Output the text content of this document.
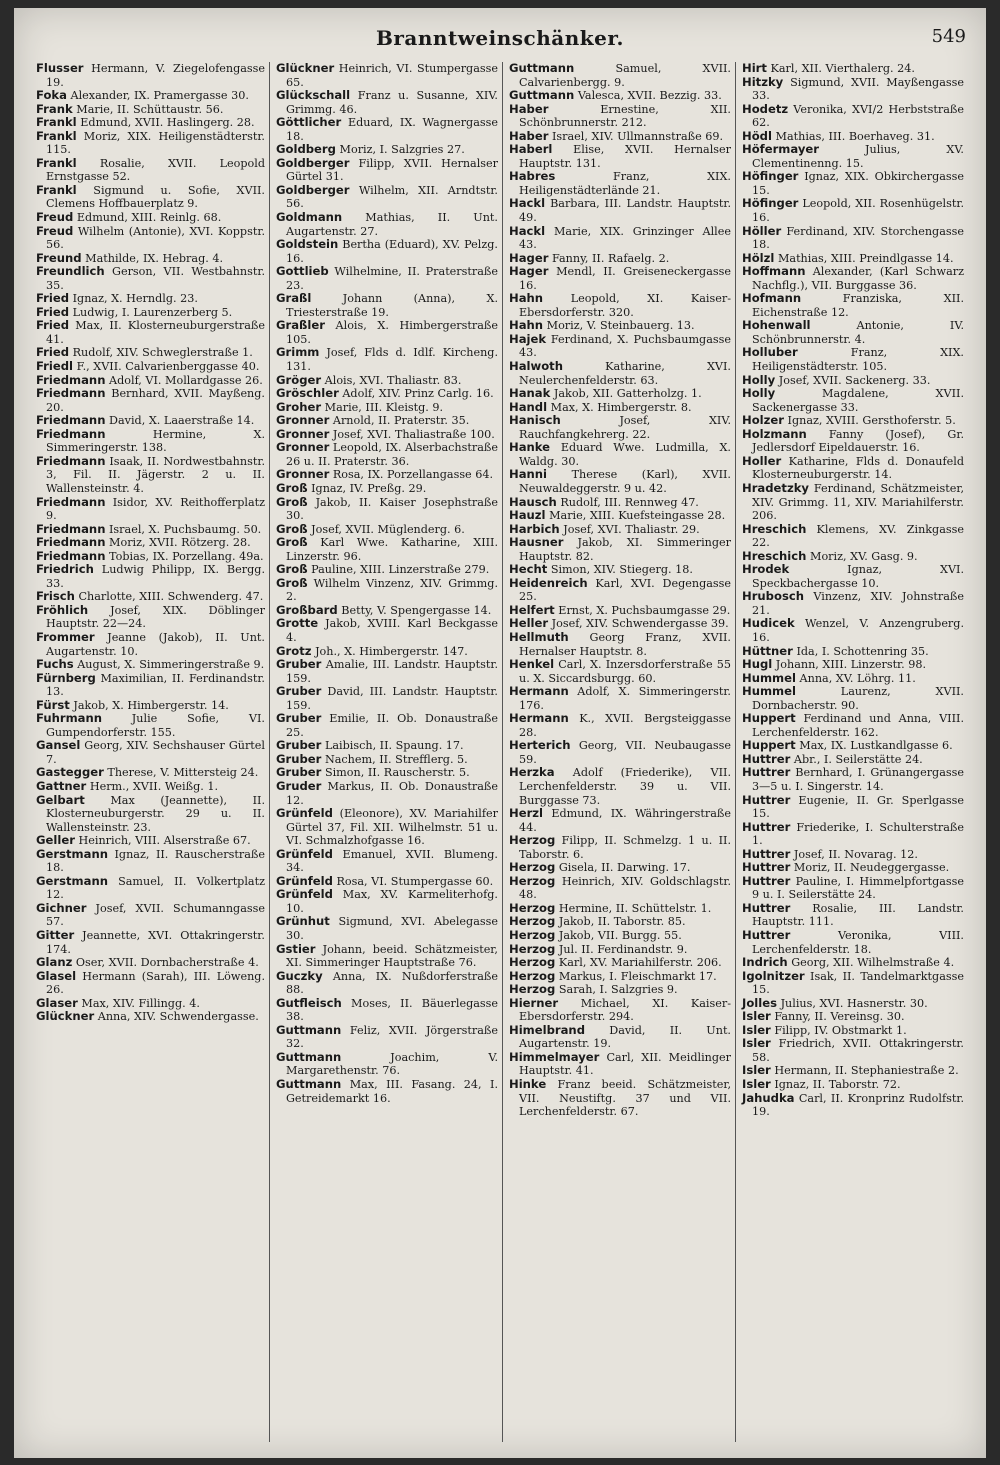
Branntweinschänker.	549
Flusser Hermann, V. Ziegelofengasse 19.
Foka Alexander, IX. Pramergasse 30.
Frank Marie, II. Schüttaustr. 56.
Frankl Edmund, XVII. Haslingerg. 28.
Frankl Moriz, XIX. Heiligenstädterstr. 115.
Frankl Rosalie, XVII. Leopold Ernstgasse 52.
Frankl Sigmund u. Sofie, XVII. Clemens Hoffbauerplatz 9.
Freud Edmund, XIII. Reinlg. 68.
Freud Wilhelm (Antonie), XVI. Koppstr. 56.
Freund Mathilde, IX. Hebrag. 4.
Freundlich Gerson, VII. Westbahnstr. 35.
Fried Ignaz, X. Herndlg. 23.
Fried Ludwig, I. Laurenzerberg 5.
Fried Max, II. Klosterneuburgerstraße 41.
Fried Rudolf, XIV. Schweglerstraße 1.
Friedl F., XVII. Calvarienberggasse 40.
Friedmann Adolf, VI. Mollardgasse 26.
Friedmann Bernhard, XVII. Mayßeng. 20.
Friedmann David, X. Laaerstraße 14.
Friedmann	Hermine, X. Simmeringerstr. 138.
Friedmann Isaak, II. Nordwestbahnstr. 3, Fil. II. Jägerstr. 2 u. II. Wallensteinstr. 4.
Friedmann Isidor, XV. Reithofferplatz 9.
Friedmann Israel, X. Puchsbaumg. 50.
Friedmann Moriz, XVII. Rötzerg. 28.
Friedmann Tobias, IX. Porzellang. 49a.
Friedrich Ludwig Philipp, IX. Bergg. 33.
Frisch Charlotte, XIII. Schwenderg. 47.
Fröhlich Josef, XIX. Döblinger Hauptstr. 22—24.
Frommer Jeanne (Jakob), II. Unt. Augartenstr. 10.
Fuchs August, X. Simmeringerstraße 9.
Fürnberg Maximilian, II. Ferdinandstr. 13.
Fürst Jakob, X. Himbergerstr. 14.
Fuhrmann	Julie Sofie, VI. Gumpendorferstr. 155.
Gansel Georg, XIV. Sechshauser Gürtel 7.
Gastegger Therese, V. Mittersteig 24.
Gattner Herm., XVII. Weißg. 1.
Gelbart Max (Jeannette), II. Klosterneuburgerstr. 29 u. II. Wallensteinstr. 23.
Geller Heinrich, VIII. Alserstraße 67.
Gerstmann Ignaz, II. Rauscherstraße 18.
Gerstmann Samuel, II. Volkertplatz 12.
Gichner Josef, XVII. Schumanngasse 57.
Gitter Jeannette, XVI. Ottakringerstr. 174.
Glanz Oser, XVII. Dornbacherstraße 4.
Glasel Hermann (Sarah), III. Löweng. 26.
Glaser Max, XIV. Fillingg. 4.
Glückner Anna, XIV. Schwendergasse.
Glückner Heinrich, VI. Stumpergasse 65.
Glückschall Franz u. Susanne, XIV. Grimmg. 46.
Göttlicher Eduard, IX. Wagnergasse 18.
Goldberg Moriz, I. Salzgries 27.
Goldberger Filipp, XVII. Hernalser Gürtel 31.
Goldberger Wilhelm, XII. Arndtstr. 56.
Goldmann Mathias, II. Unt. Augartenstr. 27.
Goldstein Bertha (Eduard), XV. Pelzg. 16.
Gottlieb Wilhelmine, II. Praterstraße 23.
Graßl	Johann (Anna), X. Triesterstraße 19.
Graßler Alois, X. Himbergerstraße 105.
Grimm Josef, Flds d. Idlf. Kircheng. 131.
Gröger Alois, XVI. Thaliastr. 83.
Gröschler Adolf, XIV. Prinz Carlg. 16.
Groher Marie, III. Kleistg. 9.
Gronner Arnold, II. Praterstr. 35.
Gronner Josef, XVI. Thaliastraße 100.
Gronner Leopold, IX. Alserbachstraße 26 u. II. Praterstr. 36.
Gronner Rosa, IX. Porzellangasse 64.
Groß Ignaz, IV. Preßg. 29.
Groß Jakob, II. Kaiser Josephstraße 30.
Groß Josef, XVII. Müglenderg. 6.
Groß Karl Wwe. Katharine, XIII. Linzerstr. 96.
Groß Pauline, XIII. Linzerstraße 279.
Groß Wilhelm Vinzenz, XIV. Grimmg. 2.
Großbard Betty, V. Spengergasse 14.
Grotte Jakob, XVIII. Karl Beckgasse 4.
Grotz Joh., X. Himbergerstr. 147.
Gruber Amalie, III. Landstr. Hauptstr. 159.
Gruber David, III. Landstr. Hauptstr. 159.
Gruber Emilie, II. Ob. Donaustraße 25.
Gruber Laibisch, II. Spaung. 17.
Gruber Nachem, II. Strefflerg. 5.
Gruber Simon, II. Rauscherstr. 5.
Gruder Markus, II. Ob. Donaustraße 12.
Grünfeld (Eleonore), XV. Mariahilfer Gürtel 37, Fil. XII. Wilhelmstr. 51 u. VI. Schmalzhofgasse 16.
Grünfeld Emanuel, XVII. Blumeng. 34.
Grünfeld Rosa, VI. Stumpergasse 60.
Grünfeld Max, XV. Karmeliterhofg. 10.
Grünhut Sigmund, XVI. Abelegasse 30.
Gstier Johann, beeid. Schätzmeister, XI. Simmeringer Hauptstraße 76.
Guczky Anna, IX. Nußdorferstraße 88.
Gutfleisch Moses, II. Bäuerlegasse 38.
Guttmann Feliz, XVII. Jörgerstraße 32.
Guttmann	Joachim, V. Margarethenstr. 76.
Guttmann Max, III. Fasang. 24, I. Getreidemarkt 16.
Guttmann	Samuel, XVII. Calvarienbergg. 9.
Guttmann Valesca, XVII. Bezzig. 33.
Haber	Ernestine, XII. Schönbrunnerstr. 212.
Haber Israel, XIV. Ullmannstraße 69.
Haberl Elise, XVII. Hernalser Hauptstr. 131.
Habres	Franz, XIX. Heiligenstädterlände 21.
Hackl Barbara, III. Landstr. Hauptstr. 49.
Hackl Marie, XIX. Grinzinger Allee 43.
Hager Fanny, II. Rafaelg. 2.
Hager Mendl, II. Greiseneckergasse 16.
Hahn Leopold, XI. Kaiser-Ebersdorferstr. 320.
Hahn Moriz, V. Steinbauerg. 13.
Hajek Ferdinand, X. Puchsbaumgasse 43.
Halwoth	Katharine, XVI. Neulerchenfelderstr. 63.
Hanak Jakob, XII. Gatterholzg. 1.
Handl Max, X. Himbergerstr. 8.
Hanisch	Josef, XIV. Rauchfangkehrerg. 22.
Hanke Eduard Wwe. Ludmilla, X. Waldg. 30.
Hanni Therese (Karl), XVII. Neuwaldeggerstr. 9 u. 42.
Hausch Rudolf, III. Rennweg 47.
Hauzl Marie, XIII. Kuefsteingasse 28.
Harbich Josef, XVI. Thaliastr. 29.
Hausner Jakob, XI. Simmeringer Hauptstr. 82.
Hecht Simon, XIV. Stiegerg. 18.
Heidenreich Karl, XVI. Degengasse 25.
Helfert Ernst, X. Puchsbaumgasse 29.
Heller Josef, XIV. Schwendergasse 39.
Hellmuth Georg Franz, XVII. Hernalser Hauptstr. 8.
Henkel Carl, X. Inzersdorferstraße 55 u. X. Siccardsburgg. 60.
Hermann Adolf, X. Simmeringerstr. 176.
Hermann K., XVII. Bergsteiggasse 28.
Herterich Georg, VII. Neubaugasse 59.
Herzka Adolf (Friederike), VII. Lerchenfelderstr. 39 u. VII. Burggasse 73.
Herzl Edmund, IX. Währingerstraße 44.
Herzog Filipp, II. Schmelzg. 1 u. II. Taborstr. 6.
Herzog Gisela, II. Darwing. 17.
Herzog Heinrich, XIV. Goldschlagstr. 48.
Herzog Hermine, II. Schüttelstr. 1.
Herzog Jakob, II. Taborstr. 85.
Herzog Jakob, VII. Burgg. 55.
Herzog Jul. II. Ferdinandstr. 9.
Herzog Karl, XV. Mariahilferstr. 206.
Herzog Markus, I. Fleischmarkt 17.
Herzog Sarah, I. Salzgries 9.
Hierner Michael, XI. Kaiser-Ebersdorferstr. 294.
Himelbrand David, II. Unt. Augartenstr. 19.
Himmelmayer Carl, XII. Meidlinger Hauptstr. 41.
Hinke Franz beeid. Schätzmeister, VII. Neustiftg. 37 und VII. Lerchenfelderstr. 67.
Hirt Karl, XII. Vierthalerg. 24.
Hitzky Sigmund, XVII. Mayßengasse 33.
Hodetz Veronika, XVI/2 Herbststraße 62.
Hödl Mathias, III. Boerhaveg. 31.
Höfermayer	Julius, XV. Clementinenng. 15.
Höfinger Ignaz, XIX. Obkirchergasse 15.
Höfinger Leopold, XII. Rosenhügelstr. 16.
Höller Ferdinand, XIV. Storchengasse 18.
Hölzl Mathias, XIII. Preindlgasse 14.
Hoffmann Alexander, (Karl Schwarz Nachflg.), VII. Burggasse 36.
Hofmann	Franziska, XII. Eichenstraße 12.
Hohenwall	Antonie, IV. Schönbrunnerstr. 4.
Holluber	Franz, XIX. Heiligenstädterstr. 105.
Holly Josef, XVII. Sackenerg. 33.
Holly	Magdalene, XVII. Sackenergasse 33.
Holzer Ignaz, XVIII. Gersthoferstr. 5.
Holzmann Fanny (Josef), Gr. Jedlersdorf Eipeldauerstr. 16.
Holler Katharine, Flds d. Donaufeld Klosterneuburgerstr. 14.
Hradetzky Ferdinand, Schätzmeister, XIV. Grimmg. 11, XIV. Mariahilferstr. 206.
Hreschich Klemens, XV. Zinkgasse 22.
Hreschich Moriz, XV. Gasg. 9.
Hrodek	Ignaz, XVI. Speckbachergasse 10.
Hrubosch Vinzenz, XIV. Johnstraße 21.
Hudicek Wenzel, V. Anzengruberg. 16.
Hüttner Ida, I. Schottenring 35.
Hugl Johann, XIII. Linzerstr. 98.
Hummel Anna, XV. Löhrg. 11.
Hummel	Laurenz, XVII. Dornbacherstr. 90.
Huppert Ferdinand und Anna, VIII. Lerchenfelderstr. 162.
Huppert Max, IX. Lustkandlgasse 6.
Huttrer Abr., I. Seilerstätte 24.
Huttrer Bernhard, I. Grünangergasse 3—5 u. I. Singerstr. 14.
Huttrer Eugenie, II. Gr. Sperlgasse 15.
Huttrer Friederike, I. Schulterstraße 1.
Huttrer Josef, II. Novarag. 12.
Huttrer Moriz, II. Neudeggergasse.
Huttrer Pauline, I. Himmelpfortgasse 9 u. I. Seilerstätte 24.
Huttrer Rosalie, III. Landstr. Hauptstr. 111.
Huttrer	Veronika, VIII. Lerchenfelderstr. 18.
Indrich Georg, XII. Wilhelmstraße 4.
Igolnitzer Isak, II. Tandelmarktgasse 15.
Jolles Julius, XVI. Hasnerstr. 30.
Isler Fanny, II. Vereinsg. 30.
Isler Filipp, IV. Obstmarkt 1.
Isler Friedrich, XVII. Ottakringerstr. 58.
Isler Hermann, II. Stephaniestraße 2.
Isler Ignaz, II. Taborstr. 72.
Jahudka Carl, II. Kronprinz Rudolfstr. 19.
